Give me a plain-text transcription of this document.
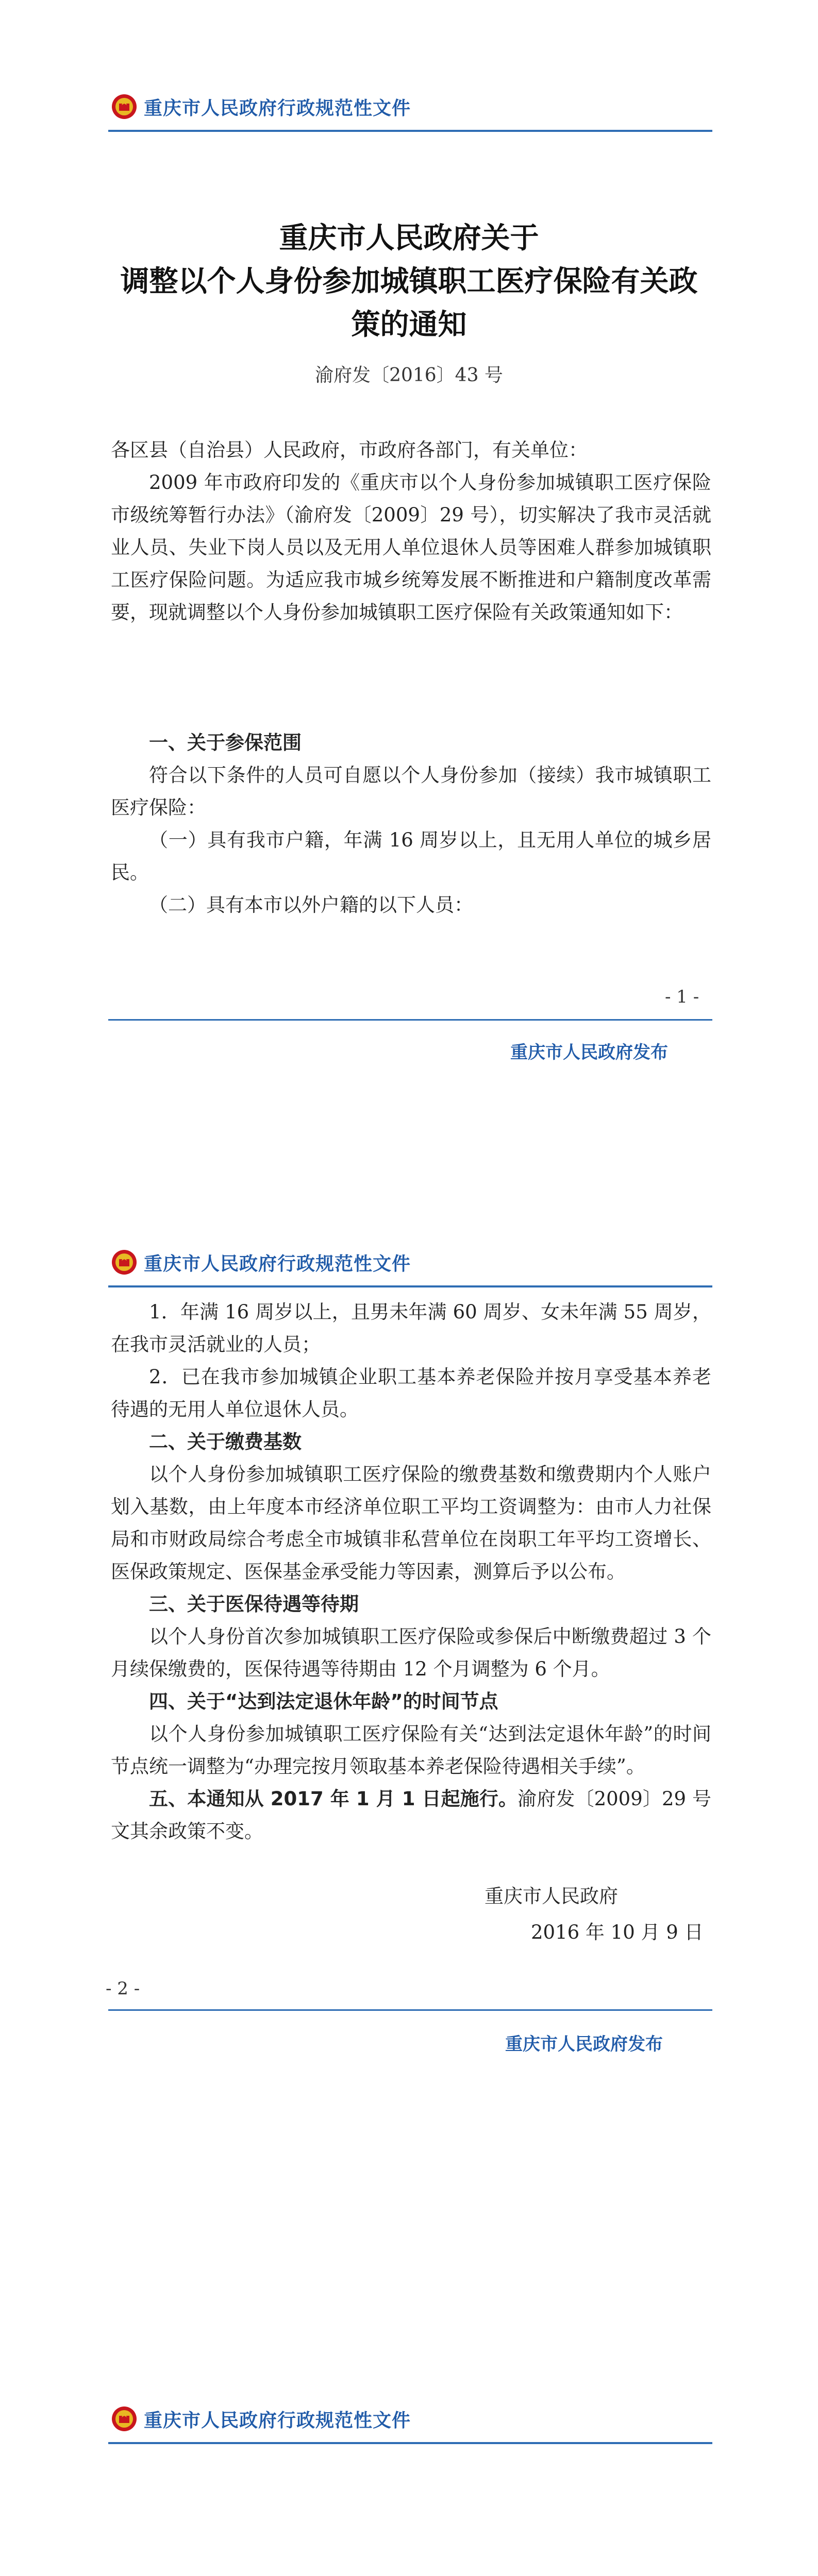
重庆市人民政府行政规范性文件
重庆市人民政府关于
调整以个人身份参加城镇职工医疗保险有关政
策的通知
渝府发〔2016〕43 号

各区县（自治县）人民政府，市政府各部门，有关单位：

2009 年市政府印发的《重庆市以个人身份参加城镇职工医疗保险市级统筹暂行办法》（渝府发〔2009〕29 号），切实解决了我市灵活就业人员、失业下岗人员以及无用人单位退休人员等困难人群参加城镇职工医疗保险问题。为适应我市城乡统筹发展不断推进和户籍制度改革需要，现就调整以个人身份参加城镇职工医疗保险有关政策通知如下：

一、关于参保范围

符合以下条件的人员可自愿以个人身份参加（接续）我市城镇职工医疗保险：

（一）具有我市户籍，年满 16 周岁以上，且无用人单位的城乡居民。

（二）具有本市以外户籍的以下人员：

- 1 -
重庆市人民政府发布
重庆市人民政府行政规范性文件

1．年满 16 周岁以上，且男未年满 60 周岁、女未年满 55 周岁，在我市灵活就业的人员；

2．已在我市参加城镇企业职工基本养老保险并按月享受基本养老待遇的无用人单位退休人员。

二、关于缴费基数

以个人身份参加城镇职工医疗保险的缴费基数和缴费期内个人账户划入基数，由上年度本市经济单位职工平均工资调整为：由市人力社保局和市财政局综合考虑全市城镇非私营单位在岗职工年平均工资增长、医保政策规定、医保基金承受能力等因素，测算后予以公布。

三、关于医保待遇等待期

以个人身份首次参加城镇职工医疗保险或参保后中断缴费超过 3 个月续保缴费的，医保待遇等待期由 12 个月调整为 6 个月。

四、关于“达到法定退休年龄”的时间节点

以个人身份参加城镇职工医疗保险有关“达到法定退休年龄”的时间节点统一调整为“办理完按月领取基本养老保险待遇相关手续”。

五、本通知从 2017 年 1 月 1 日起施行。渝府发〔2009〕29 号文其余政策不变。

重庆市人民政府
2016 年 10 月 9 日
- 2 -
重庆市人民政府发布
重庆市人民政府行政规范性文件
